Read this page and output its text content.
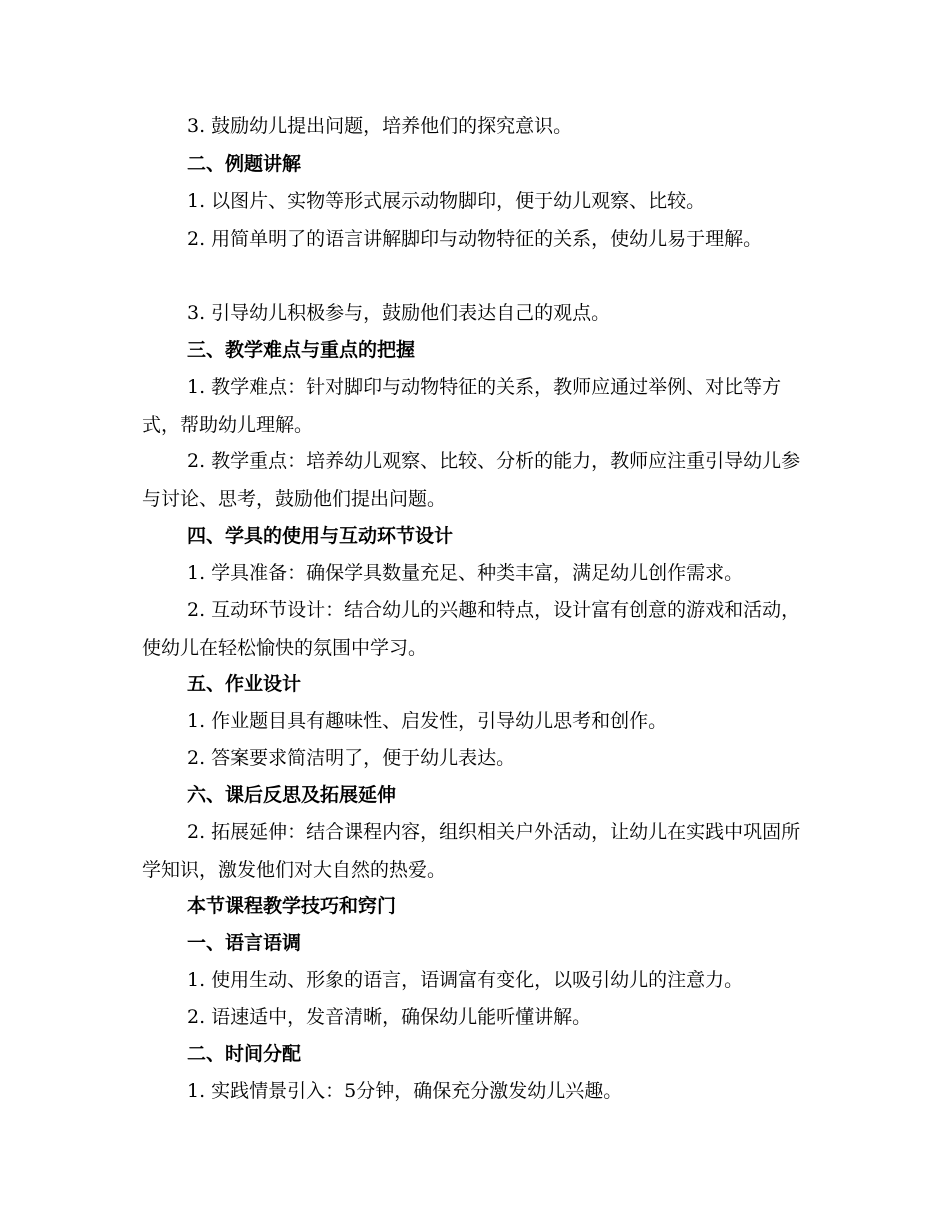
3. 鼓励幼儿提出问题，培养他们的探究意识。

二、例题讲解

1. 以图片、实物等形式展示动物脚印，便于幼儿观察、比较。

2. 用简单明了的语言讲解脚印与动物特征的关系，使幼儿易于理解。

3. 引导幼儿积极参与，鼓励他们表达自己的观点。

三、教学难点与重点的把握

1. 教学难点：针对脚印与动物特征的关系，教师应通过举例、对比等方式，帮助幼儿理解。

2. 教学重点：培养幼儿观察、比较、分析的能力，教师应注重引导幼儿参与讨论、思考，鼓励他们提出问题。

四、学具的使用与互动环节设计

1. 学具准备：确保学具数量充足、种类丰富，满足幼儿创作需求。

2. 互动环节设计：结合幼儿的兴趣和特点，设计富有创意的游戏和活动，使幼儿在轻松愉快的氛围中学习。

五、作业设计

1. 作业题目具有趣味性、启发性，引导幼儿思考和创作。

2. 答案要求简洁明了，便于幼儿表达。

六、课后反思及拓展延伸

2. 拓展延伸：结合课程内容，组织相关户外活动，让幼儿在实践中巩固所学知识，激发他们对大自然的热爱。

本节课程教学技巧和窍门

一、语言语调

1. 使用生动、形象的语言，语调富有变化，以吸引幼儿的注意力。

2. 语速适中，发音清晰，确保幼儿能听懂讲解。

二、时间分配

1. 实践情景引入：5分钟，确保充分激发幼儿兴趣。
